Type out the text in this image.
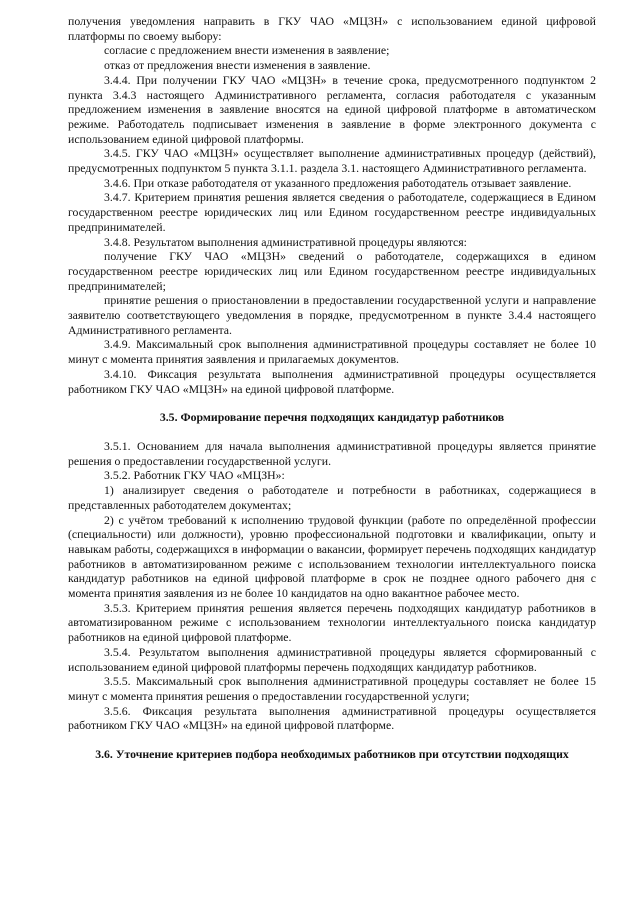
получения уведомления направить в ГКУ ЧАО «МЦЗН» с использованием единой цифровой платформы по своему выбору:

согласие с предложением внести изменения в заявление;

отказ от предложения внести изменения в заявление.

3.4.4. При получении ГКУ ЧАО «МЦЗН» в течение срока, предусмотренного подпунктом 2 пункта 3.4.3 настоящего Административного регламента, согласия работодателя с указанным предложением изменения в заявление вносятся на единой цифровой платформе в автоматическом режиме. Работодатель подписывает изменения в заявление в форме электронного документа с использованием единой цифровой платформы.

3.4.5. ГКУ ЧАО «МЦЗН» осуществляет выполнение административных процедур (действий), предусмотренных подпунктом 5 пункта 3.1.1. раздела 3.1. настоящего Административного регламента.

3.4.6. При отказе работодателя от указанного предложения работодатель отзывает заявление.

3.4.7. Критерием принятия решения является сведения о работодателе, содержащиеся в Едином государственном реестре юридических лиц или Едином государственном реестре индивидуальных предпринимателей.

3.4.8. Результатом выполнения административной процедуры являются:

получение ГКУ ЧАО «МЦЗН» сведений о работодателе, содержащихся в едином государственном реестре юридических лиц или Едином государственном реестре индивидуальных предпринимателей;

принятие решения о приостановлении в предоставлении государственной услуги и направление заявителю соответствующего уведомления в порядке, предусмотренном в пункте 3.4.4 настоящего Административного регламента.

3.4.9. Максимальный срок выполнения административной процедуры составляет не более 10 минут с момента принятия заявления и прилагаемых документов.

3.4.10. Фиксация результата выполнения административной процедуры осуществляется работником ГКУ ЧАО «МЦЗН» на единой цифровой платформе.

3.5. Формирование перечня подходящих кандидатур работников

3.5.1. Основанием для начала выполнения административной процедуры является принятие решения о предоставлении государственной услуги.

3.5.2. Работник ГКУ ЧАО «МЦЗН»:

1) анализирует сведения о работодателе и потребности в работниках, содержащиеся в представленных работодателем документах;

2) с учётом требований к исполнению трудовой функции (работе по определённой профессии (специальности) или должности), уровню профессиональной подготовки и квалификации, опыту и навыкам работы, содержащихся в информации о вакансии, формирует перечень подходящих кандидатур работников в автоматизированном режиме с использованием технологии интеллектуального поиска кандидатур работников на единой цифровой платформе в срок не позднее одного рабочего дня с момента принятия заявления из не более 10 кандидатов на одно вакантное рабочее место.

3.5.3. Критерием принятия решения является перечень подходящих кандидатур работников в автоматизированном режиме с использованием технологии интеллектуального поиска кандидатур работников на единой цифровой платформе.

3.5.4. Результатом выполнения административной процедуры является сформированный с использованием единой цифровой платформы перечень подходящих кандидатур работников.

3.5.5. Максимальный срок выполнения административной процедуры составляет не более 15 минут с момента принятия решения о предоставлении государственной услуги;

3.5.6. Фиксация результата выполнения административной процедуры осуществляется работником ГКУ ЧАО «МЦЗН» на единой цифровой платформе.

3.6. Уточнение критериев подбора необходимых работников при отсутствии подходящих
